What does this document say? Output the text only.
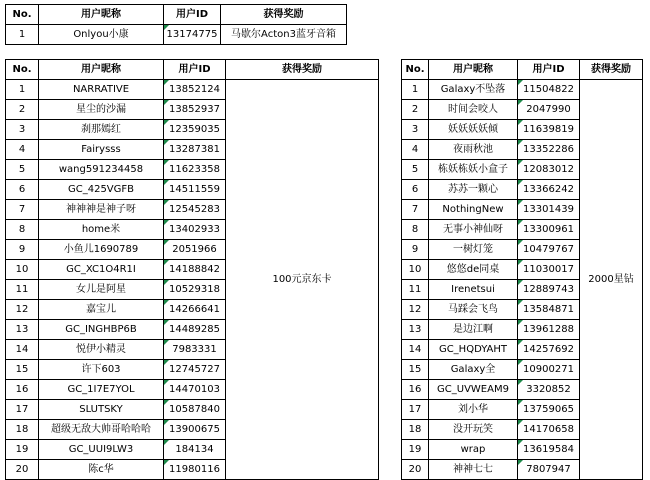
No.	用户昵称	用户ID	获得奖励
1	Onlyou小康	13174775	马歇尔Acton3蓝牙音箱
No.	用户昵称	用户ID	获得奖励
1	NARRATIVE	13852124	100元京东卡
2	星尘的沙漏	13852937	
3	刹那嫣红	12359035	
4	Fairysss	13287381	
5	wang591234458	11623358	
6	GC_425VGFB	14511559	
7	神神神是神子呀	12545283	
8	home米	13402933	
9	小鱼儿1690789	2051966	
10	GC_XC1O4R1I	14188842	
11	女儿是阿星	10529318	
12	嘉宝儿	14266641	
13	GC_INGHBP6B	14489285	
14	悦伊小精灵	7983331	
15	许下603	12745727	
16	GC_1I7E7YOL	14470103	
17	SLUTSKY	10587840	
18	超级无敌大帅哥哈哈哈	13900675	
19	GC_UUI9LW3	184134	
20	陈c华	11980116	
No.	用户昵称	用户ID	获得奖励
1	Galaxy不坠落	11504822	2000星钻
2	时间会咬人	2047990	
3	妖妖妖妖倾	11639819	
4	夜雨秋池	13352286	
5	栋妖栋妖小盒子	12083012	
6	苏苏一颗心	13366242	
7	NothingNew	13301439	
8	无事小神仙呀	13300961	
9	一树灯笼	10479767	
10	悠悠de同桌	11030017	
11	Irenetsui	12889743	
12	马踩会飞鸟	13584871	
13	是边江啊	13961288	
14	GC_HQDYAHT	14257692	
15	Galaxy全	10900271	
16	GC_UVWEAM9	3320852	
17	刘小华	13759065	
18	没开玩笑	14170658	
19	wrap	13619584	
20	神神七七	7807947	
